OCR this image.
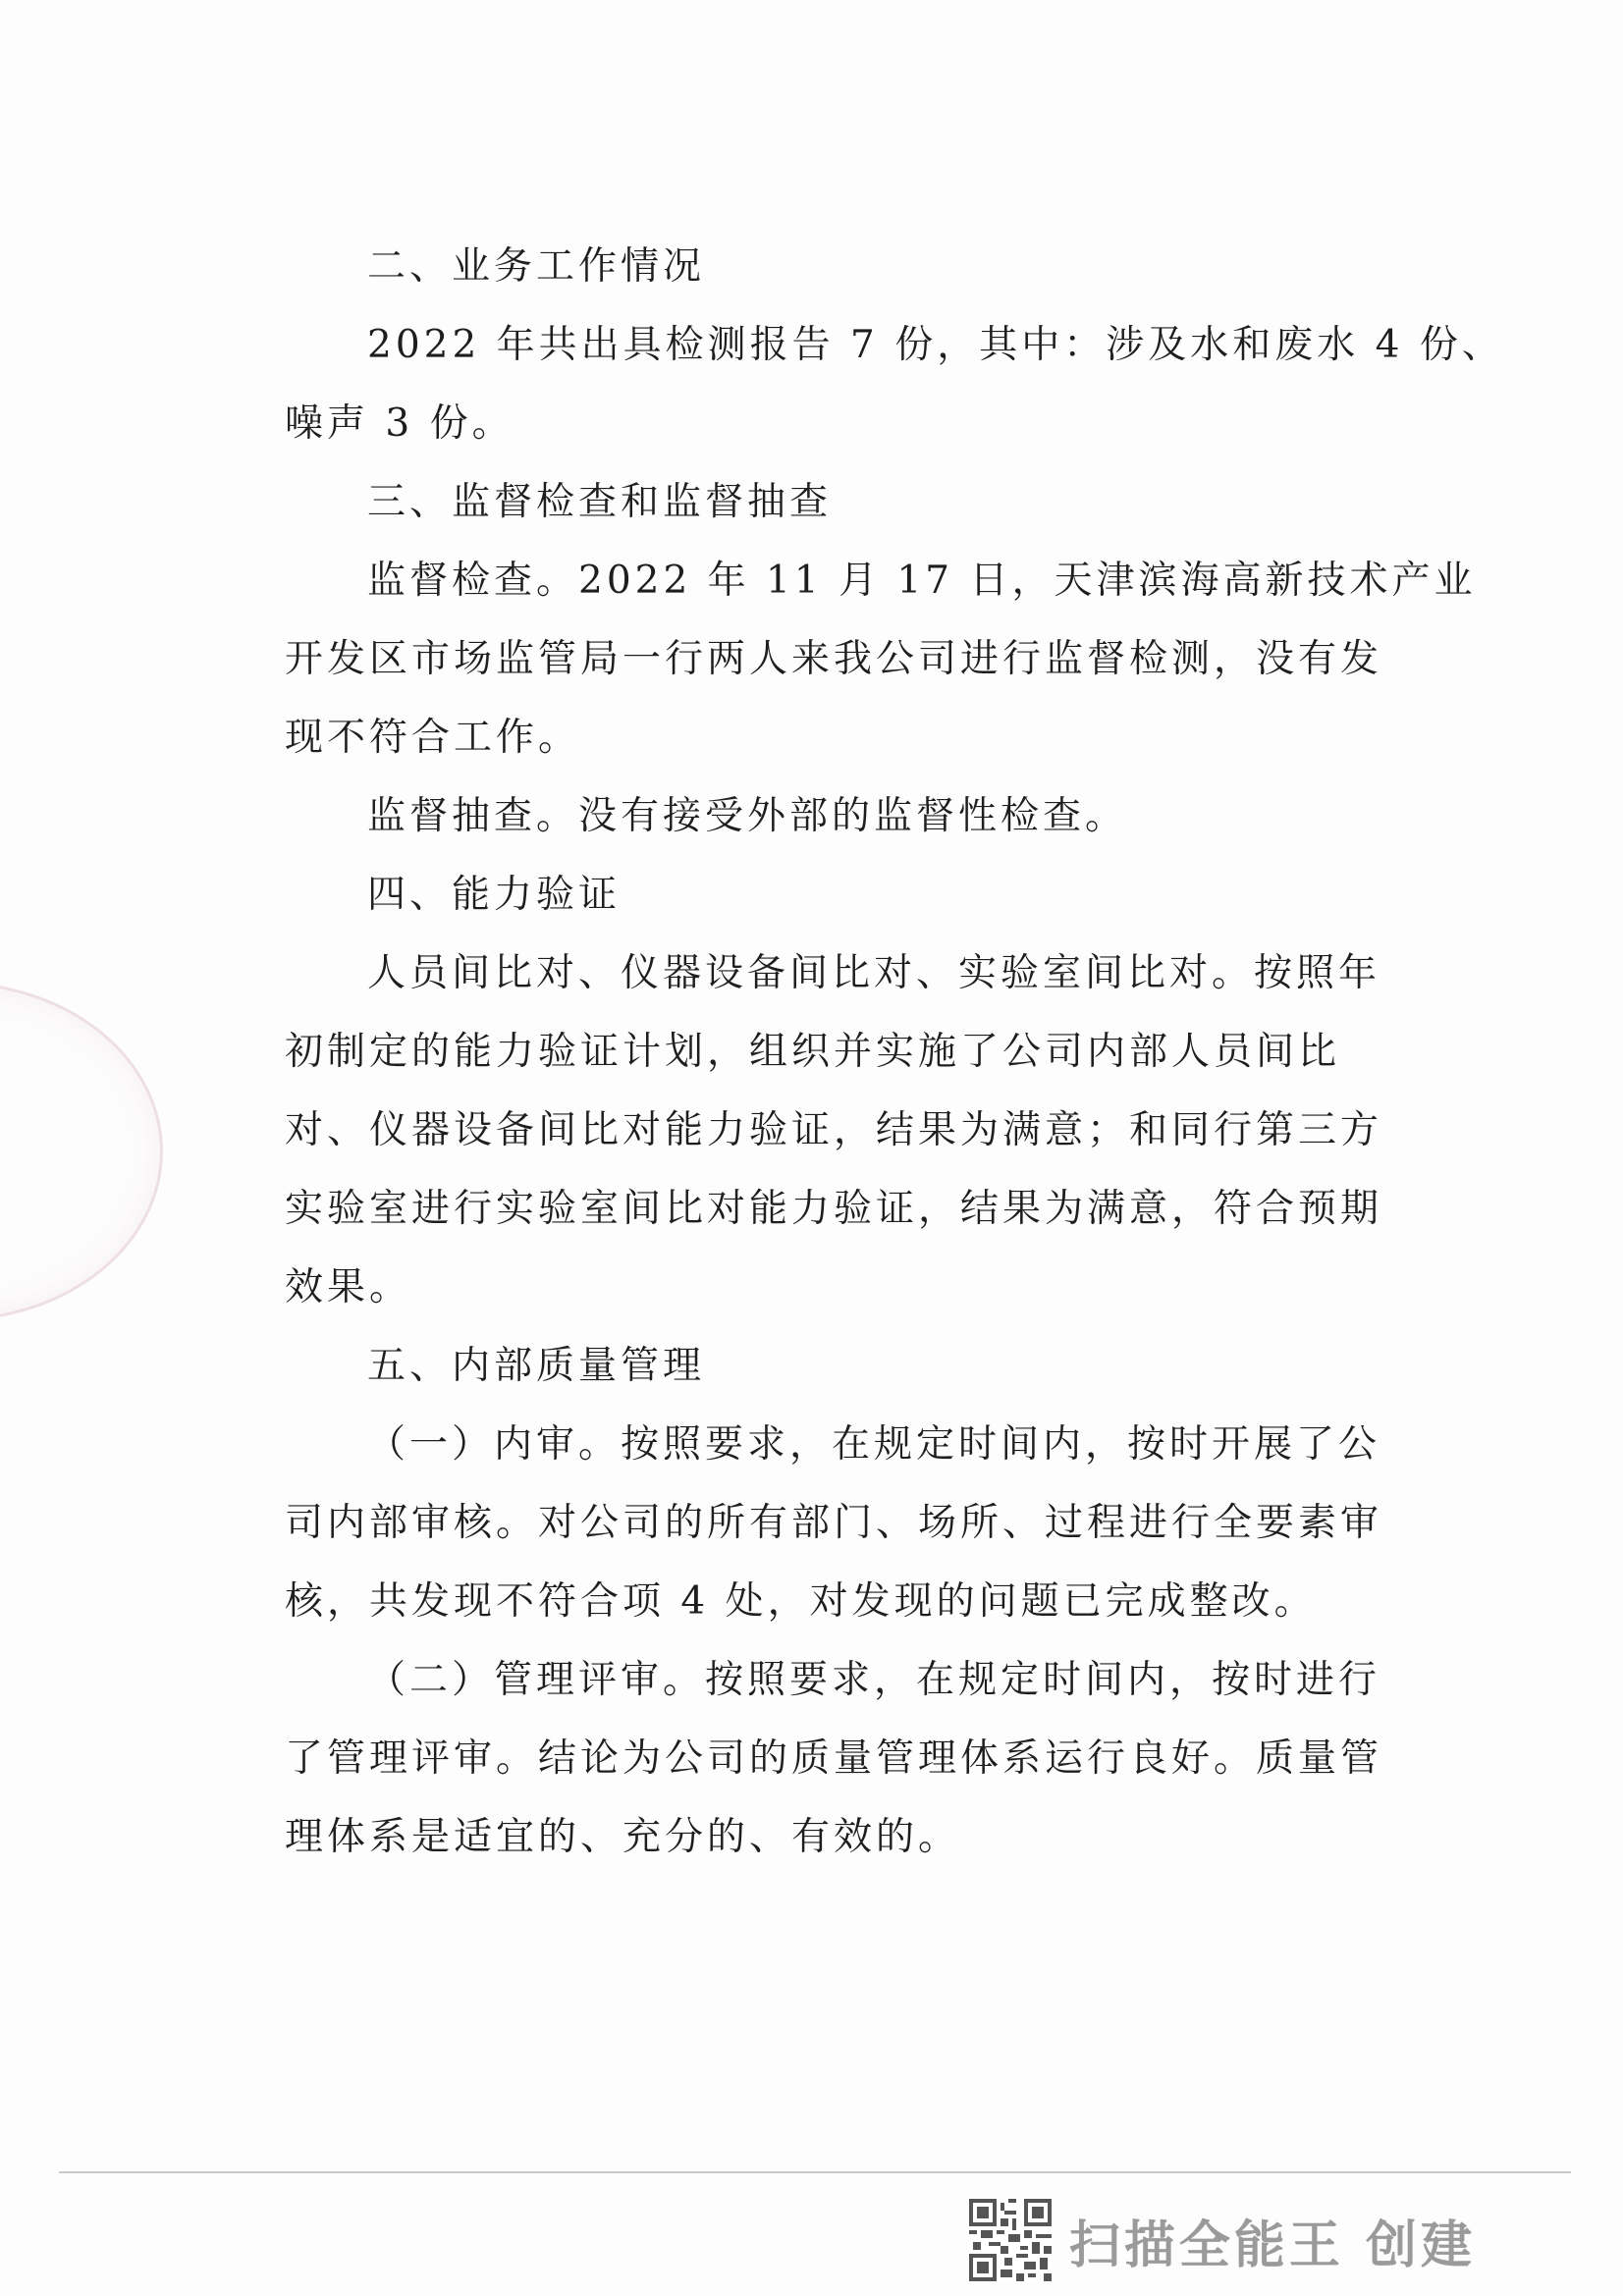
二、业务工作情况
2022 年共出具检测报告 7 份，其中：涉及水和废水 4 份、
噪声 3 份。
三、监督检查和监督抽查
监督检查。2022 年 11 月 17 日，天津滨海高新技术产业
开发区市场监管局一行两人来我公司进行监督检测，没有发
现不符合工作。
监督抽查。没有接受外部的监督性检查。
四、能力验证
人员间比对、仪器设备间比对、实验室间比对。按照年
初制定的能力验证计划，组织并实施了公司内部人员间比
对、仪器设备间比对能力验证，结果为满意；和同行第三方
实验室进行实验室间比对能力验证，结果为满意，符合预期
效果。
五、内部质量管理
（一）内审。按照要求，在规定时间内，按时开展了公
司内部审核。对公司的所有部门、场所、过程进行全要素审
核，共发现不符合项 4 处，对发现的问题已完成整改。
（二）管理评审。按照要求，在规定时间内，按时进行
了管理评审。结论为公司的质量管理体系运行良好。质量管
理体系是适宜的、充分的、有效的。
扫描全能王 创建
